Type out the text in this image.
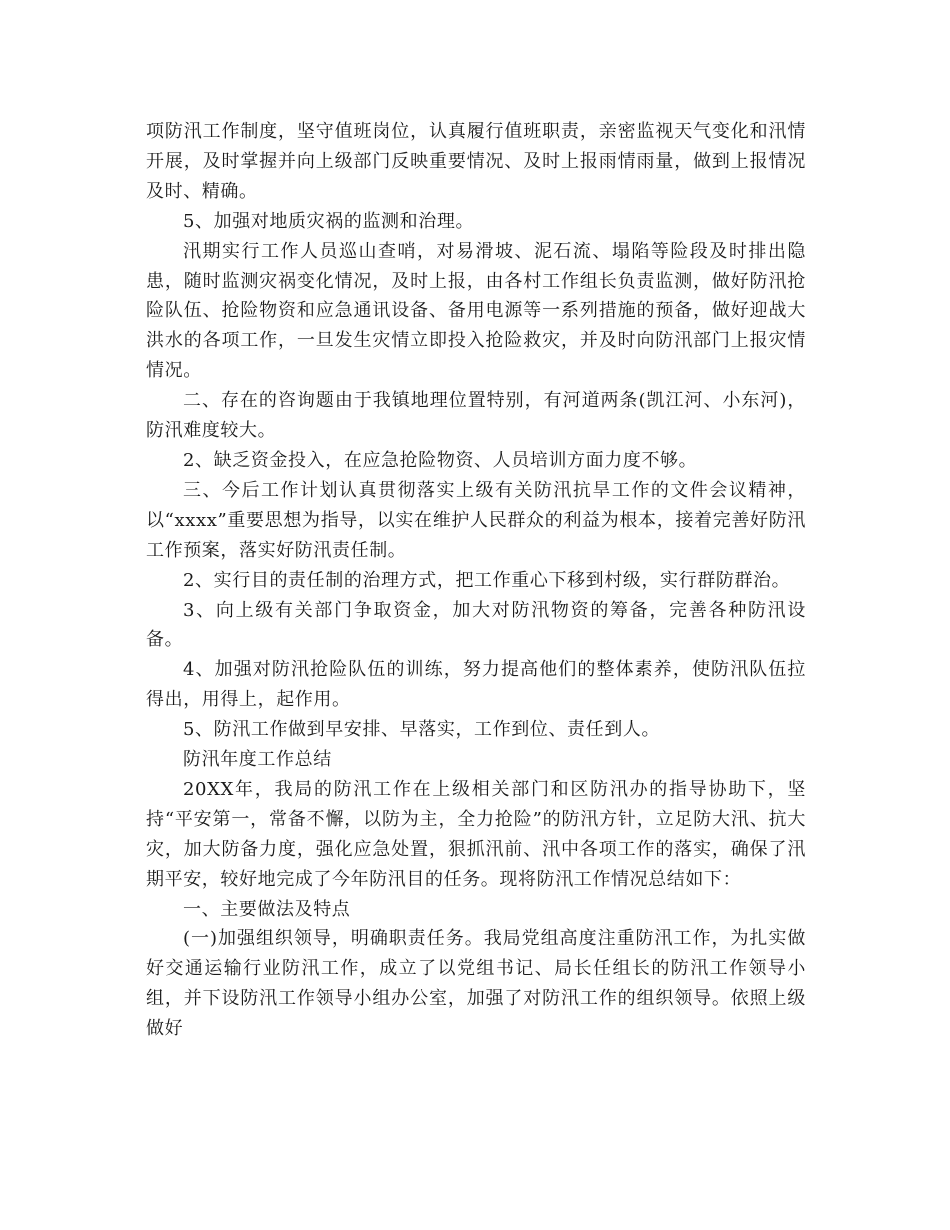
项防汛工作制度，坚守值班岗位，认真履行值班职责，亲密监视天气变化和汛情开展，及时掌握并向上级部门反映重要情况、及时上报雨情雨量，做到上报情况及时、精确。

5、加强对地质灾祸的监测和治理。

汛期实行工作人员巡山查哨，对易滑坡、泥石流、塌陷等险段及时排出隐患，随时监测灾祸变化情况，及时上报，由各村工作组长负责监测，做好防汛抢险队伍、抢险物资和应急通讯设备、备用电源等一系列措施的预备，做好迎战大洪水的各项工作，一旦发生灾情立即投入抢险救灾，并及时向防汛部门上报灾情情况。

二、存在的咨询题由于我镇地理位置特别，有河道两条(凯江河、小东河)，防汛难度较大。

2、缺乏资金投入，在应急抢险物资、人员培训方面力度不够。

三、今后工作计划认真贯彻落实上级有关防汛抗旱工作的文件会议精神，以“xxxx”重要思想为指导，以实在维护人民群众的利益为根本，接着完善好防汛工作预案，落实好防汛责任制。

2、实行目的责任制的治理方式，把工作重心下移到村级，实行群防群治。

3、向上级有关部门争取资金，加大对防汛物资的筹备，完善各种防汛设备。

4、加强对防汛抢险队伍的训练，努力提高他们的整体素养，使防汛队伍拉得出，用得上，起作用。

5、防汛工作做到早安排、早落实，工作到位、责任到人。

防汛年度工作总结

20XX年，我局的防汛工作在上级相关部门和区防汛办的指导协助下，坚持“平安第一，常备不懈，以防为主，全力抢险”的防汛方针，立足防大汛、抗大灾，加大防备力度，强化应急处置，狠抓汛前、汛中各项工作的落实，确保了汛期平安，较好地完成了今年防汛目的任务。现将防汛工作情况总结如下：

一、主要做法及特点

(一)加强组织领导，明确职责任务。我局党组高度注重防汛工作，为扎实做好交通运输行业防汛工作，成立了以党组书记、局长任组长的防汛工作领导小组，并下设防汛工作领导小组办公室，加强了对防汛工作的组织领导。依照上级做好
